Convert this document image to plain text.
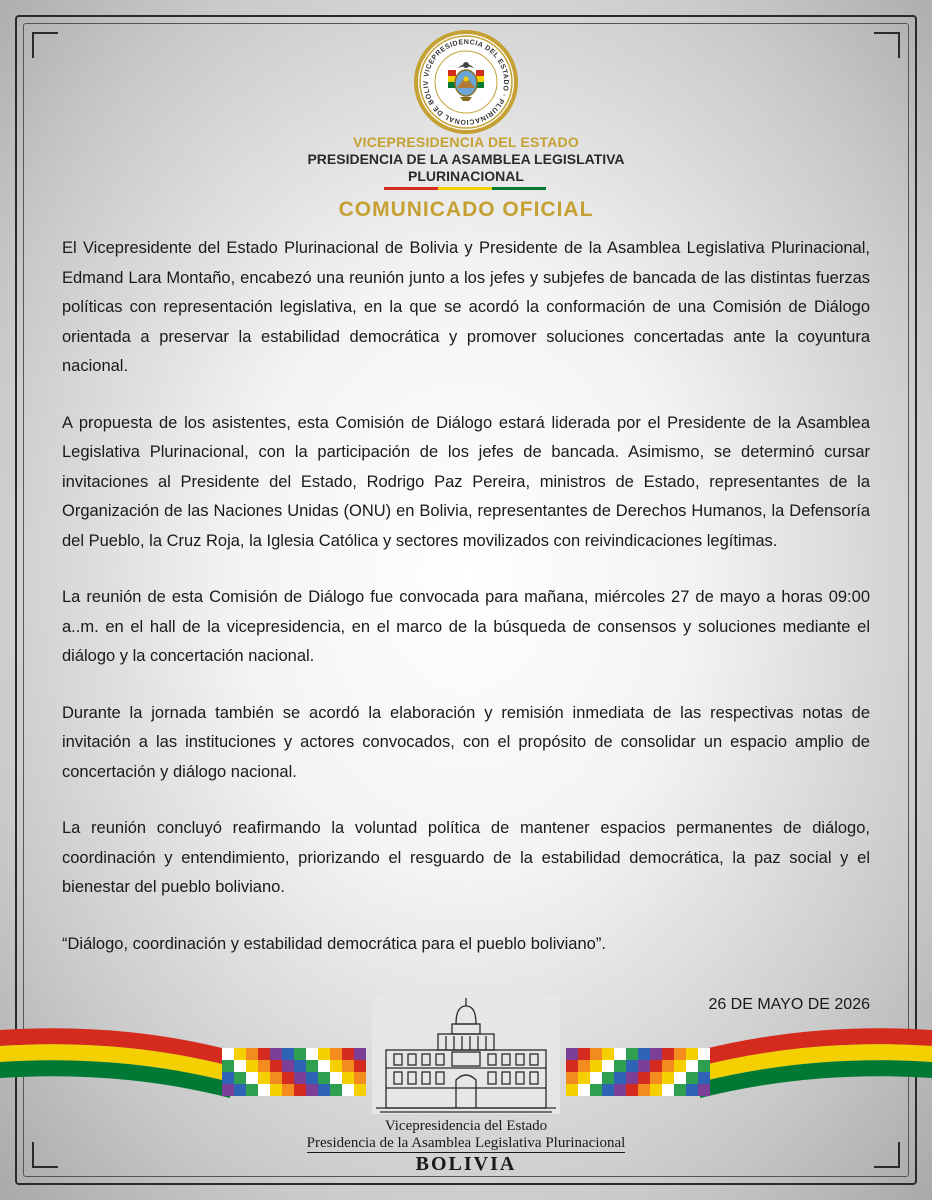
VICEPRESIDENCIA DEL ESTADO · PLURINACIONAL DE BOLIV
VICEPRESIDENCIA DEL ESTADO
PRESIDENCIA DE LA ASAMBLEA LEGISLATIVA
PLURINACIONAL
COMUNICADO OFICIAL

El Vicepresidente del Estado Plurinacional de Bolivia y Presidente de la Asamblea Legislativa Plurinacional, Edmand Lara Montaño, encabezó una reunión junto a los jefes y subjefes de bancada de las distintas fuerzas políticas con representación legislativa, en la que se acordó la conformación de una Comisión de Diálogo orientada a preservar la estabilidad democrática y promover soluciones concertadas ante la coyuntura nacional.

A propuesta de los asistentes, esta Comisión de Diálogo estará liderada por el Presidente de la Asamblea Legislativa Plurinacional, con la participación de los jefes de bancada. Asimismo, se determinó cursar invitaciones al Presidente del Estado, Rodrigo Paz Pereira, ministros de Estado, representantes de la Organización de las Naciones Unidas (ONU) en Bolivia, representantes de Derechos Humanos, la Defensoría del Pueblo, la Cruz Roja, la Iglesia Católica y sectores movilizados con reivindicaciones legítimas.

La reunión de esta Comisión de Diálogo fue convocada para mañana, miércoles 27 de mayo a horas 09:00 a..m. en el hall de la vicepresidencia, en el marco de la búsqueda de consensos y soluciones mediante el diálogo y la concertación nacional.

Durante la jornada también se acordó la elaboración y remisión inmediata de las respectivas notas de invitación a las instituciones y actores convocados, con el propósito de consolidar un espacio amplio de concertación y diálogo nacional.

La reunión concluyó reafirmando la voluntad política de mantener espacios permanentes de diálogo, coordinación y entendimiento, priorizando el resguardo de la estabilidad democrática, la paz social y el bienestar del pueblo boliviano.

“Diálogo, coordinación y estabilidad democrática para el pueblo boliviano”.

26 DE MAYO DE 2026
Vicepresidencia del Estado
Presidencia de la Asamblea Legislativa Plurinacional
BOLIVIA
